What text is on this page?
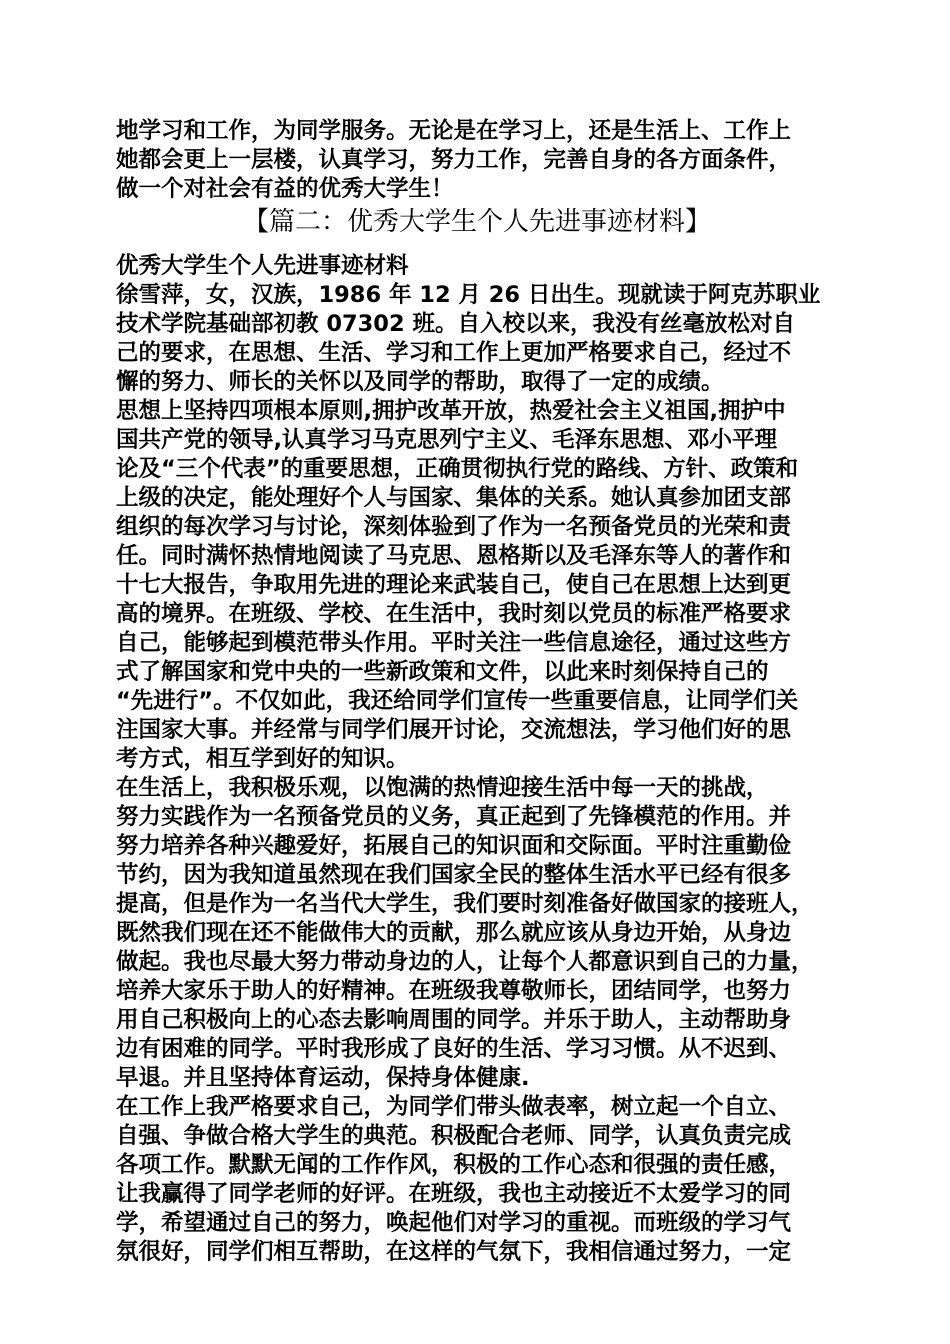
地学习和工作，为同学服务。无论是在学习上，还是生活上、工作上
她都会更上一层楼，认真学习，努力工作，完善自身的各方面条件，
做一个对社会有益的优秀大学生！
【篇二：优秀大学生个人先进事迹材料】
优秀大学生个人先进事迹材料
徐雪萍，女，汉族，1986 年 12 月 26 日出生。现就读于阿克苏职业
技术学院基础部初教 07302 班。自入校以来，我没有丝毫放松对自
己的要求，在思想、生活、学习和工作上更加严格要求自己，经过不
懈的努力、师长的关怀以及同学的帮助，取得了一定的成绩。
思想上坚持四项根本原则,拥护改革开放，热爱社会主义祖国,拥护中
国共产党的领导,认真学习马克思列宁主义、毛泽东思想、邓小平理
论及“三个代表”的重要思想，正确贯彻执行党的路线、方针、政策和
上级的决定，能处理好个人与国家、集体的关系。她认真参加团支部
组织的每次学习与讨论，深刻体验到了作为一名预备党员的光荣和责
任。同时满怀热情地阅读了马克思、恩格斯以及毛泽东等人的著作和
十七大报告，争取用先进的理论来武装自己，使自己在思想上达到更
高的境界。在班级、学校、在生活中，我时刻以党员的标准严格要求
自己，能够起到模范带头作用。平时关注一些信息途径，通过这些方
式了解国家和党中央的一些新政策和文件，以此来时刻保持自己的
“先进行”。不仅如此，我还给同学们宣传一些重要信息，让同学们关
注国家大事。并经常与同学们展开讨论，交流想法，学习他们好的思
考方式，相互学到好的知识。
在生活上，我积极乐观，以饱满的热情迎接生活中每一天的挑战，
努力实践作为一名预备党员的义务，真正起到了先锋模范的作用。并
努力培养各种兴趣爱好，拓展自己的知识面和交际面。平时注重勤俭
节约，因为我知道虽然现在我们国家全民的整体生活水平已经有很多
提高，但是作为一名当代大学生，我们要时刻准备好做国家的接班人，
既然我们现在还不能做伟大的贡献，那么就应该从身边开始，从身边
做起。我也尽最大努力带动身边的人，让每个人都意识到自己的力量，
培养大家乐于助人的好精神。在班级我尊敬师长，团结同学，也努力
用自己积极向上的心态去影响周围的同学。并乐于助人，主动帮助身
边有困难的同学。平时我形成了良好的生活、学习习惯。从不迟到、
早退。并且坚持体育运动，保持身体健康.
在工作上我严格要求自己，为同学们带头做表率，树立起一个自立、
自强、争做合格大学生的典范。积极配合老师、同学，认真负责完成
各项工作。默默无闻的工作作风，积极的工作心态和很强的责任感，
让我赢得了同学老师的好评。在班级，我也主动接近不太爱学习的同
学，希望通过自己的努力，唤起他们对学习的重视。而班级的学习气
氛很好，同学们相互帮助，在这样的气氛下，我相信通过努力，一定
